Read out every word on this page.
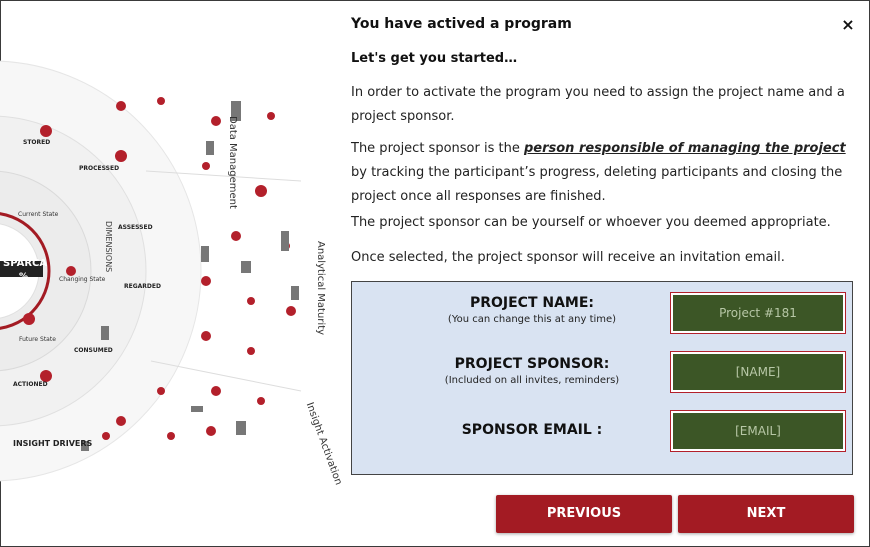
SPARCA
%
Data Management
Analytical Maturity
Insight Activation
DIMENSIONS
INSIGHT DRIVERS
STORED
PROCESSED
ASSESSED
REGARDED
CONSUMED
ACTIONED
Current State
Changing State
Future State
You have actived a program	×
Let's get you started…
In order to activate the program you need to assign the project name and a project sponsor.
The project sponsor is the person responsible of managing the project by tracking the participant’s progress, deleting participants and closing the project once all responses are finished.
The project sponsor can be yourself or whoever you deemed appropriate.
Once selected, the project sponsor will receive an invitation email.
PROJECT NAME:
(You can change this at any time)
Project #181
PROJECT SPONSOR:
(Included on all invites, reminders)
[NAME]
SPONSOR EMAIL :
[EMAIL]
PREVIOUS	NEXT
